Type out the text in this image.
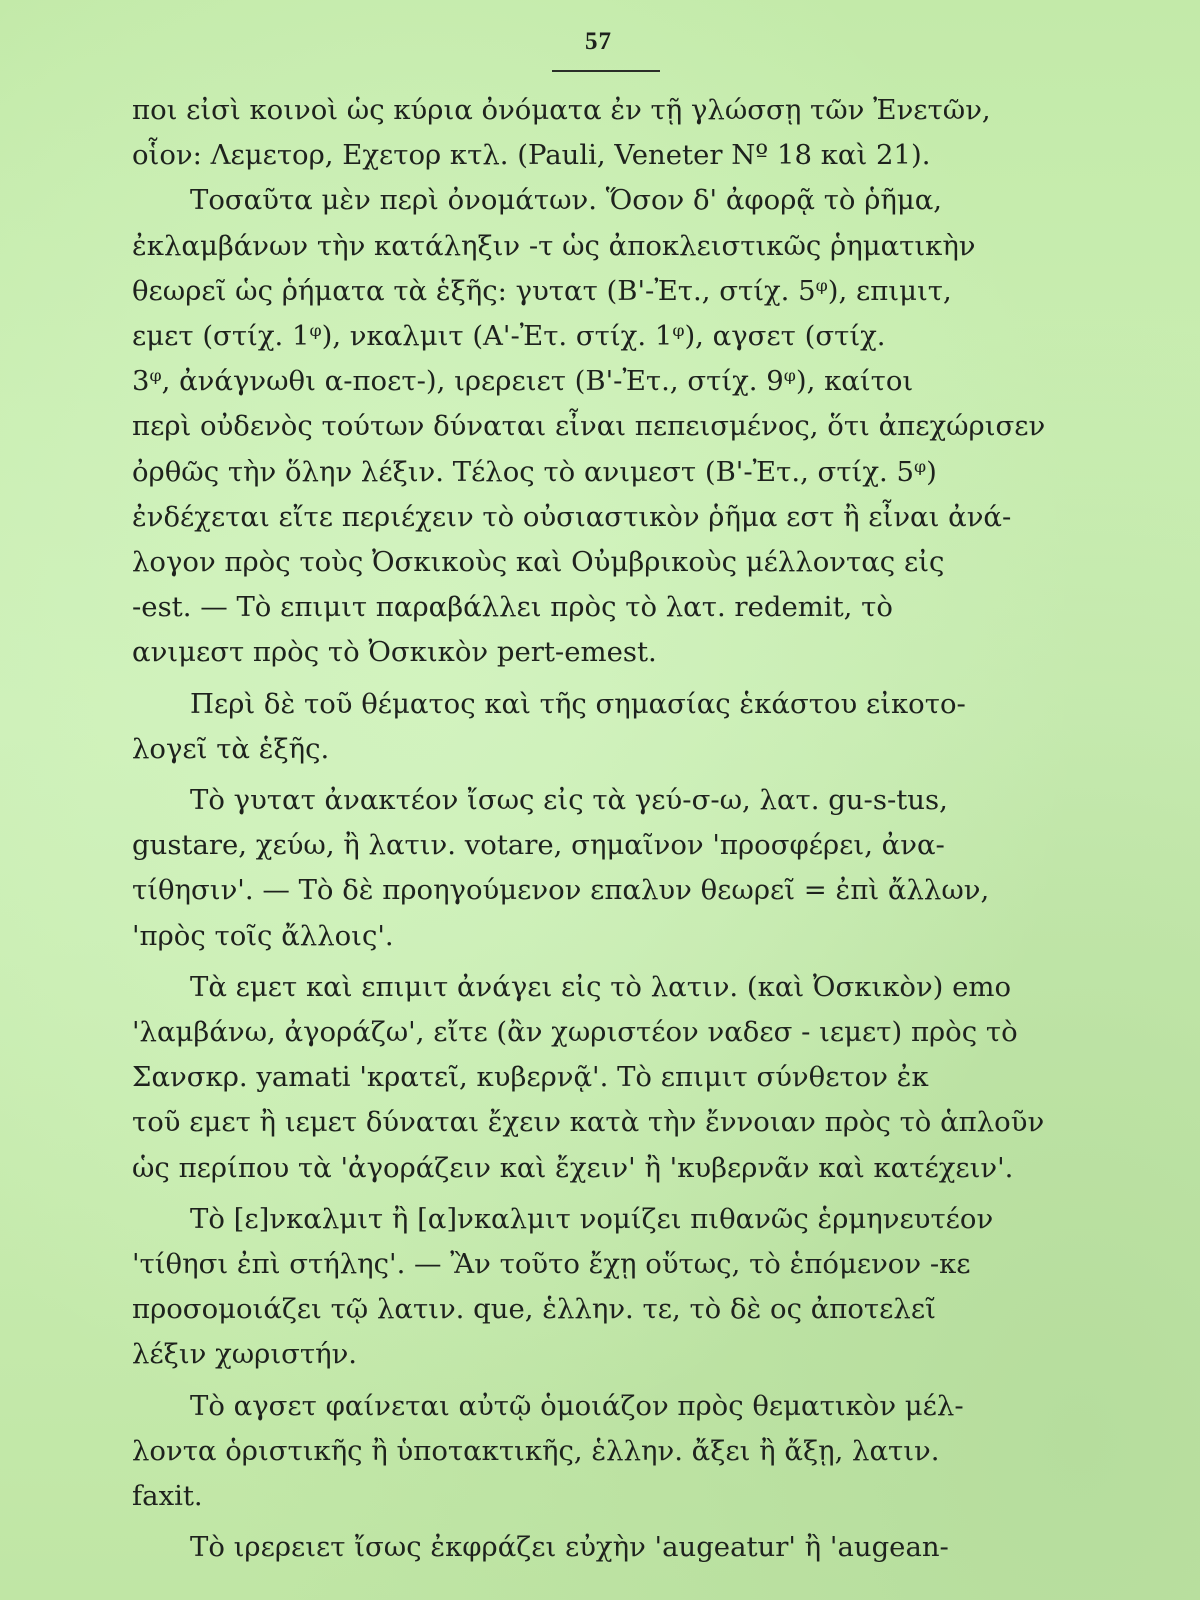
57
ποι εἰσὶ κοινοὶ ὡς κύρια ὀνόματα ἐν τῇ γλώσσῃ τῶν Ἐνετῶν,
οἷον: Λεμετορ, Εχετορ κτλ. (Pauli, Veneter Nº 18 καὶ 21).
Τοσαῦτα μὲν περὶ ὀνομάτων. Ὅσον δ' ἀφορᾷ τὸ ῥῆμα,
ἐκλαμβάνων τὴν κατάληξιν -τ ὡς ἀποκλειστικῶς ῥηματικὴν
θεωρεῖ ὡς ῥήματα τὰ ἑξῆς: γυτατ (Β'-Ἐτ., στίχ. 5ᵠ), επιμιτ,
εμετ (στίχ. 1ᵠ), νκαλμιτ (Α'-Ἐτ. στίχ. 1ᵠ), αγσετ (στίχ.
3ᵠ, ἀνάγνωθι α-ποετ-), ιρερειετ (Β'-Ἐτ., στίχ. 9ᵠ), καίτοι
περὶ οὐδενὸς τούτων δύναται εἶναι πεπεισμένος, ὅτι ἀπεχώρισεν
ὀρθῶς τὴν ὅλην λέξιν. Τέλος τὸ ανιμεστ (Β'-Ἐτ., στίχ. 5ᵠ)
ἐνδέχεται εἴτε περιέχειν τὸ οὐσιαστικὸν ῥῆμα εστ ἢ εἶναι ἀνά-
λογον πρὸς τοὺς Ὀσκικοὺς καὶ Οὐμβρικοὺς μέλλοντας εἰς
-est. — Τὸ επιμιτ παραβάλλει πρὸς τὸ λατ. redemit, τὸ
ανιμεστ πρὸς τὸ Ὀσκικὸν pert-emest.
Περὶ δὲ τοῦ θέματος καὶ τῆς σημασίας ἑκάστου εἰκοτο-
λογεῖ τὰ ἑξῆς.
Τὸ γυτατ ἀνακτέον ἴσως εἰς τὰ γεύ-σ-ω, λατ. gu-s-tus,
gustare, χεύω, ἢ λατιν. votare, σημαῖνον 'προσφέρει, ἀνα-
τίθησιν'. — Τὸ δὲ προηγούμενον επαλυν θεωρεῖ = ἐπὶ ἄλλων,
'πρὸς τοῖς ἄλλοις'.
Τὰ εμετ καὶ επιμιτ ἀνάγει εἰς τὸ λατιν. (καὶ Ὀσκικὸν) emo
'λαμβάνω, ἀγοράζω', εἴτε (ἂν χωριστέον ναδεσ - ιεμετ) πρὸς τὸ
Σανσκρ. yamati 'κρατεῖ, κυβερνᾷ'. Τὸ επιμιτ σύνθετον ἐκ
τοῦ εμετ ἢ ιεμετ δύναται ἔχειν κατὰ τὴν ἔννοιαν πρὸς τὸ ἁπλοῦν
ὡς περίπου τὰ 'ἀγοράζειν καὶ ἔχειν' ἢ 'κυβερνᾶν καὶ κατέχειν'.
Τὸ [ε]νκαλμιτ ἢ [α]νκαλμιτ νομίζει πιθανῶς ἑρμηνευτέον
'τίθησι ἐπὶ στήλης'. — Ἂν τοῦτο ἔχῃ οὕτως, τὸ ἑπόμενον -κε
προσομοιάζει τῷ λατιν. que, ἑλλην. τε, τὸ δὲ ος ἀποτελεῖ
λέξιν χωριστήν.
Τὸ αγσετ φαίνεται αὐτῷ ὁμοιάζον πρὸς θεματικὸν μέλ-
λοντα ὁριστικῆς ἢ ὑποτακτικῆς, ἑλλην. ἄξει ἢ ἄξῃ, λατιν.
faxit.
Τὸ ιρερειετ ἴσως ἐκφράζει εὐχὴν 'augeatur' ἢ 'augean-
